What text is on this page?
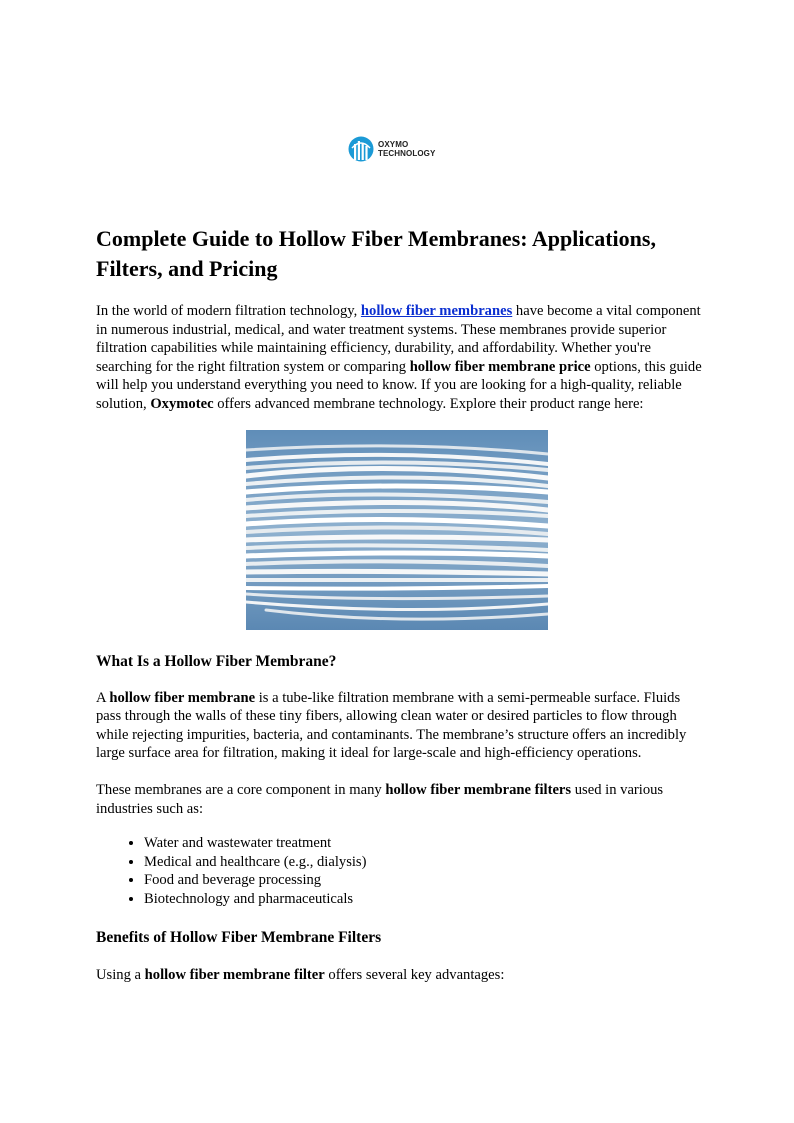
OXYMO
TECHNOLOGY
Complete Guide to Hollow Fiber Membranes: Applications, Filters, and Pricing

In the world of modern filtration technology, hollow fiber membranes have become a vital component in numerous industrial, medical, and water treatment systems. These membranes provide superior filtration capabilities while maintaining efficiency, durability, and affordability. Whether you're searching for the right filtration system or comparing hollow fiber membrane price options, this guide will help you understand everything you need to know. If you are looking for a high-quality, reliable solution, Oxymotec offers advanced membrane technology. Explore their product range here:

What Is a Hollow Fiber Membrane?

A hollow fiber membrane is a tube-like filtration membrane with a semi-permeable surface. Fluids pass through the walls of these tiny fibers, allowing clean water or desired particles to flow through while rejecting impurities, bacteria, and contaminants. The membrane’s structure offers an incredibly large surface area for filtration, making it ideal for large-scale and high-efficiency operations.

These membranes are a core component in many hollow fiber membrane filters used in various industries such as:

• Water and wastewater treatment
• Medical and healthcare (e.g., dialysis)
• Food and beverage processing
• Biotechnology and pharmaceuticals
Benefits of Hollow Fiber Membrane Filters

Using a hollow fiber membrane filter offers several key advantages:
